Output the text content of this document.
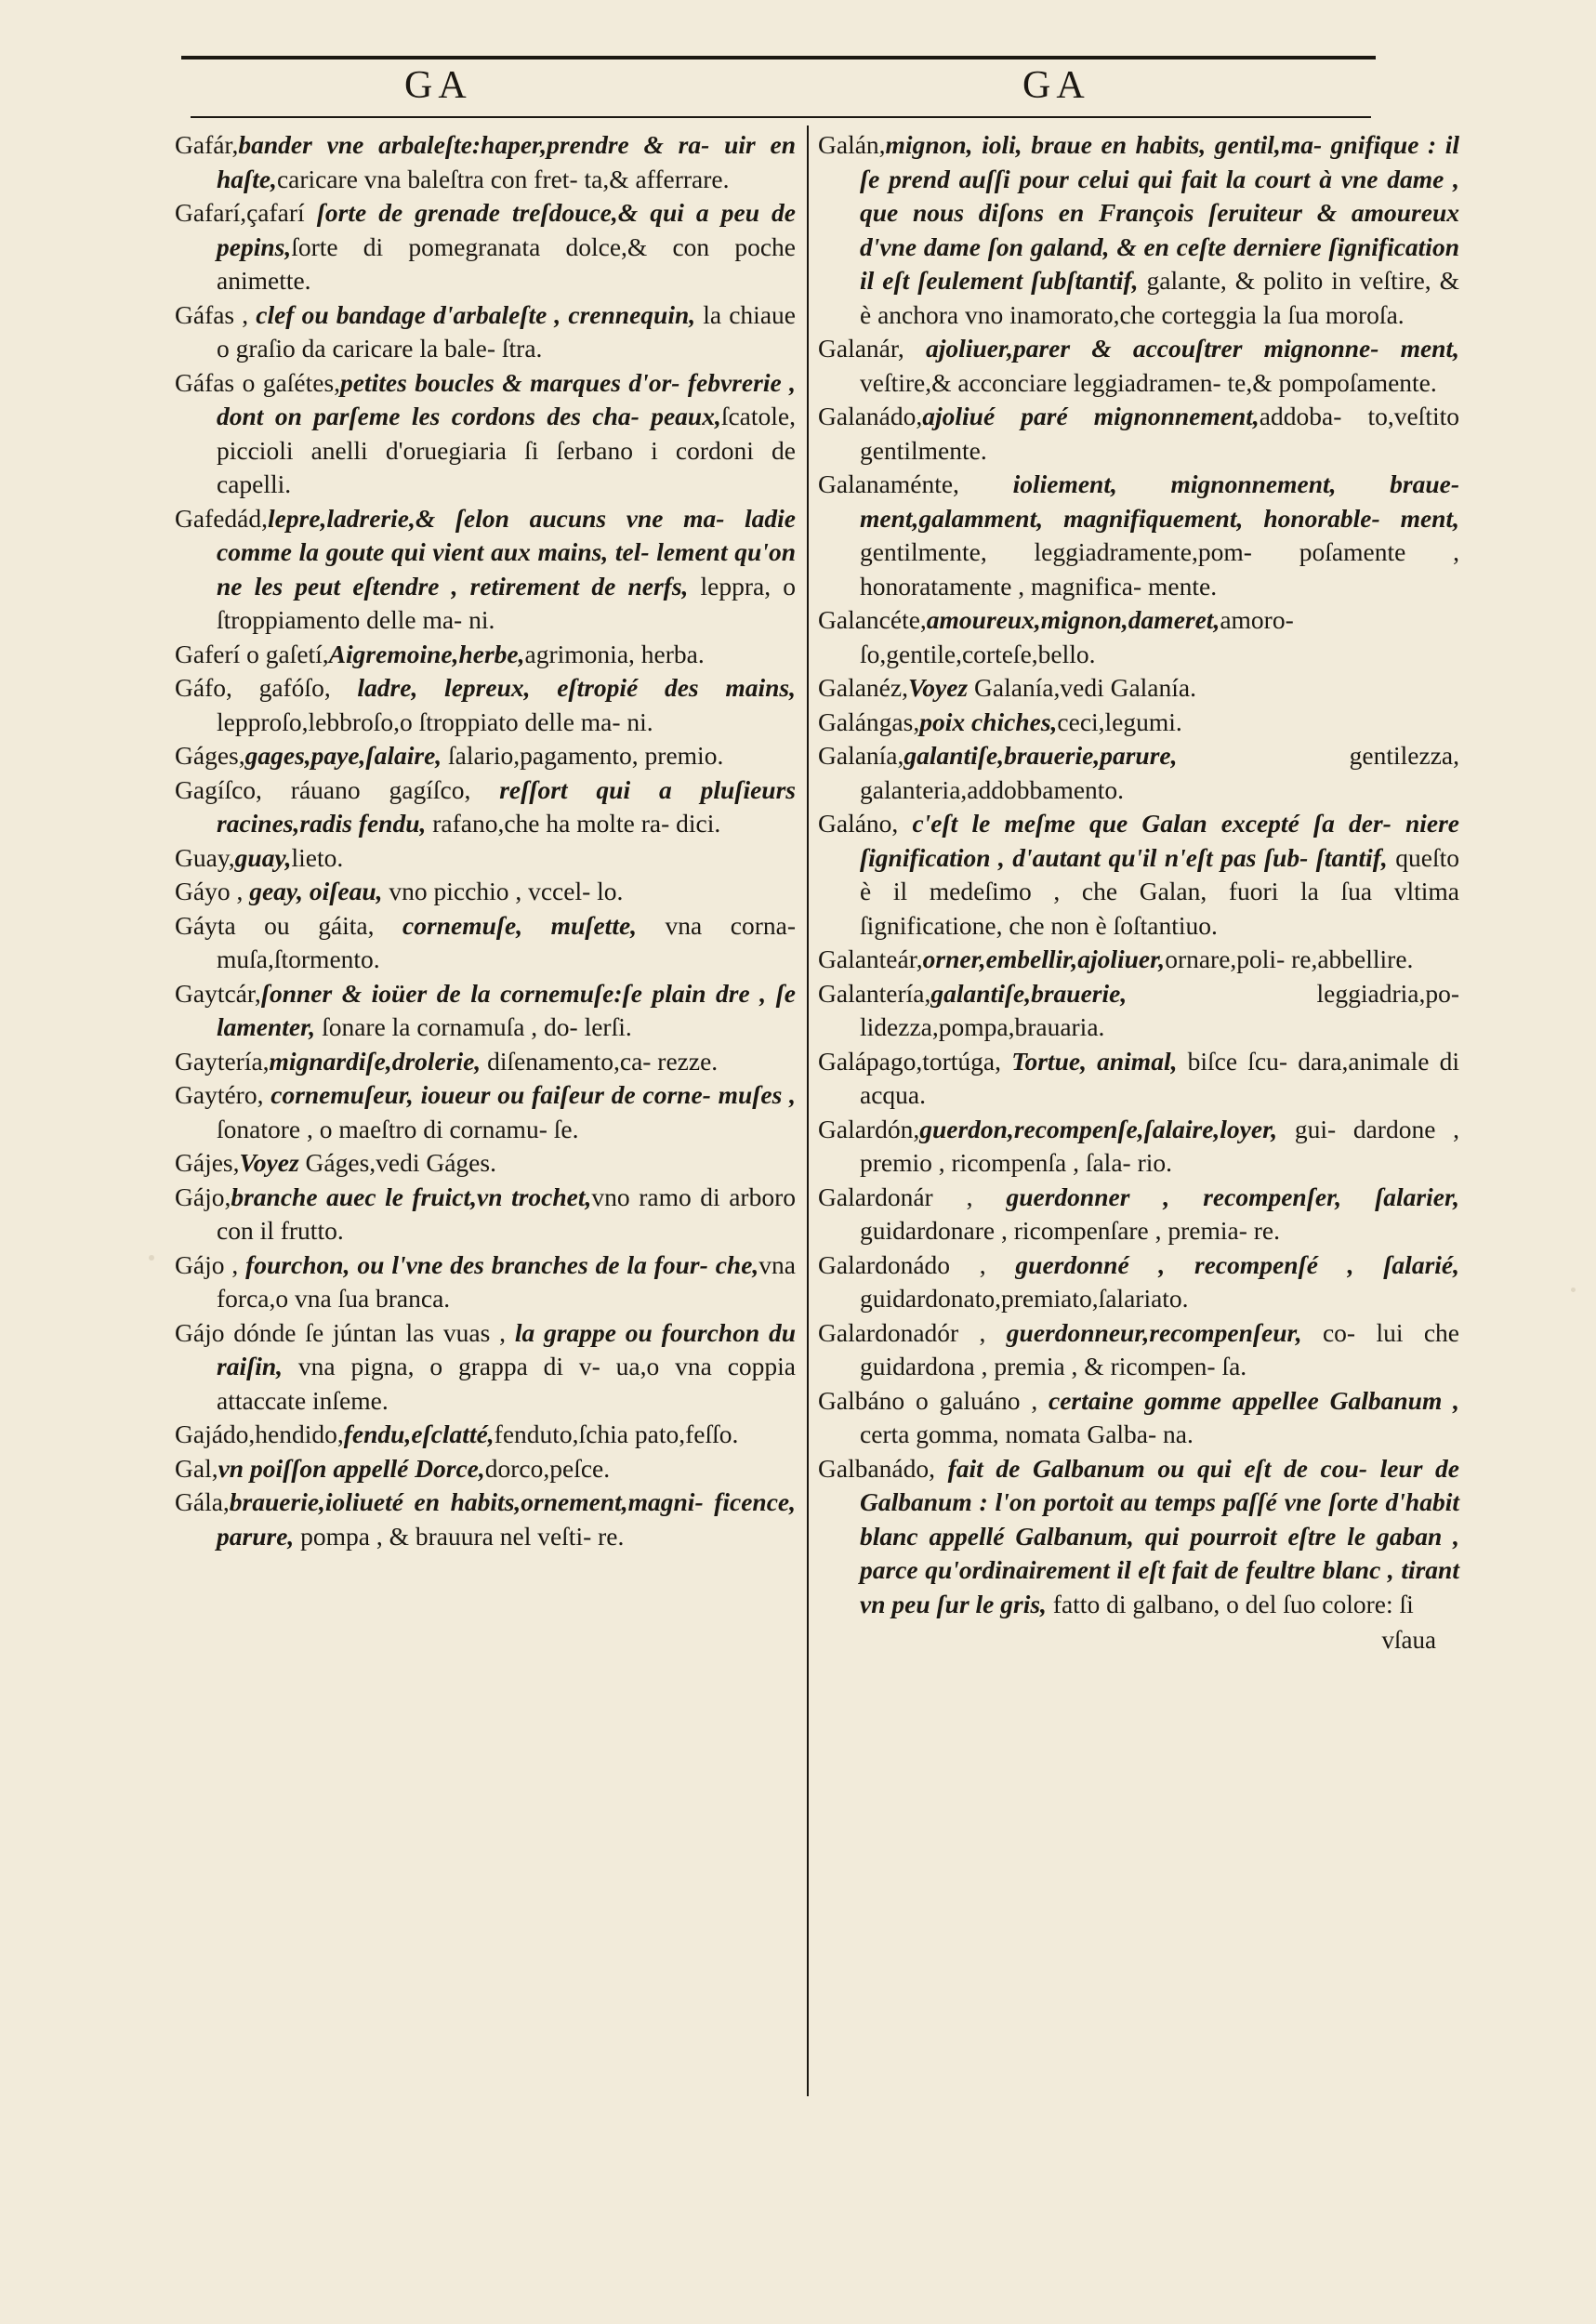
GA	GA

Gafár,bander vne arbaleſte:haper,prendre & ra- uir en haſte,caricare vna baleſtra con fret- ta,& afferrare.

Gafarí,çafarí ſorte de grenade treſdouce,& qui a peu de pepins,ſorte di pomegranata dolce,& con poche animette.

Gáfas , clef ou bandage d'arbaleſte , crennequin, la chiaue o graſio da caricare la bale- ſtra.

Gáfas o gaſétes,petites boucles & marques d'or- febvrerie , dont on parſeme les cordons des cha- peaux,ſcatole, piccioli anelli d'oruegiaria ſi ſerbano i cordoni de capelli.

Gafedád,lepre,ladrerie,& ſelon aucuns vne ma- ladie comme la goute qui vient aux mains, tel- lement qu'on ne les peut eſtendre , retirement de nerfs, leppra, o ſtroppiamento delle ma- ni.

Gaferí o gaſetí,Aigremoine,herbe,agrimonia, herba.

Gáfo, gafóſo, ladre, lepreux, eſtropié des mains, lepproſo,lebbroſo,o ſtroppiato delle ma- ni.

Gáges,gages,paye,ſalaire, ſalario,pagamento, premio.

Gagíſco, ráuano gagíſco, reſſort qui a pluſieurs racines,radis fendu, rafano,che ha molte ra- dici.

Guay,guay,lieto.

Gáyo , geay, oiſeau, vno picchio , vccel- lo.

Gáyta ou gáita, cornemuſe, muſette, vna corna- muſa,ſtormento.

Gaytcár,ſonner & ioüer de la cornemuſe:ſe plain dre , ſe lamenter, ſonare la cornamuſa , do- lerſi.

Gaytería,mignardiſe,drolerie, diſenamento,ca- rezze.

Gaytéro, cornemuſeur, ioueur ou faiſeur de corne- muſes , ſonatore , o maeſtro di cornamu- ſe.

Gájes,Voyez Gáges,vedi Gáges.

Gájo,branche auec le fruict,vn trochet,vno ramo di arboro con il frutto.

Gájo , fourchon, ou l'vne des branches de la four- che,vna forca,o vna ſua branca.

Gájo dónde ſe júntan las vuas , la grappe ou fourchon du raiſin, vna pigna, o grappa di v- ua,o vna coppia attaccate inſeme.

Gajádo,hendido,fendu,eſclatté,fenduto,ſchia pato,feſſo.

Gal,vn poiſſon appellé Dorce,dorco,peſce.

Gála,brauerie,ioliueté en habits,ornement,magni- ficence, parure, pompa , & brauura nel veſti- re.

Galán,mignon, ioli, braue en habits, gentil,ma- gnifique : il ſe prend auſſi pour celui qui fait la court à vne dame , que nous diſons en François ſeruiteur & amoureux d'vne dame ſon galand, & en ceſte derniere ſignification il eſt ſeulement ſubſtantif, galante, & polito in veſtire, & è anchora vno inamorato,che corteggia la ſua moroſa.

Galanár, ajoliuer,parer & accouſtrer mignonne- ment, veſtire,& acconciare leggiadramen- te,& pompoſamente.

Galanádo,ajoliué paré mignonnement,addoba- to,veſtito gentilmente.

Galanaménte, ioliement, mignonnement, braue- ment,galamment, magnifiquement, honorable- ment, gentilmente, leggiadramente,pom- poſamente , honoratamente , magnifica- mente.

Galancéte,amoureux,mignon,dameret,amoro- ſo,gentile,corteſe,bello.

Galanéz,Voyez Galanía,vedi Galanía.

Galángas,poix chiches,ceci,legumi.

Galanía,galantiſe,brauerie,parure, gentilezza, galanteria,addobbamento.

Galáno, c'eſt le meſme que Galan excepté ſa der- niere ſignification , d'autant qu'il n'eſt pas ſub- ſtantif, queſto è il medeſimo , che Galan, fuori la ſua vltima ſignificatione, che non è ſoſtantiuo.

Galanteár,orner,embellir,ajoliuer,ornare,poli- re,abbellire.

Galantería,galantiſe,brauerie, leggiadria,po- lidezza,pompa,brauaria.

Galápago,tortúga, Tortue, animal, biſce ſcu- dara,animale di acqua.

Galardón,guerdon,recompenſe,ſalaire,loyer, gui- dardone , premio , ricompenſa , ſala- rio.

Galardonár , guerdonner , recompenſer, ſalarier, guidardonare , ricompenſare , premia- re.

Galardonádo , guerdonné , recompenſé , ſalarié, guidardonato,premiato,ſalariato.

Galardonadór , guerdonneur,recompenſeur, co- lui che guidardona , premia , & ricompen- ſa.

Galbáno o galuáno , certaine gomme appellee Galbanum , certa gomma, nomata Galba- na.

Galbanádo, fait de Galbanum ou qui eſt de cou- leur de Galbanum : l'on portoit au temps paſſé vne ſorte d'habit blanc appellé Galbanum, qui pourroit eſtre le gaban , parce qu'ordinairement il eſt fait de feultre blanc , tirant vn peu ſur le gris, fatto di galbano, o del ſuo colore: ſi

vſaua
